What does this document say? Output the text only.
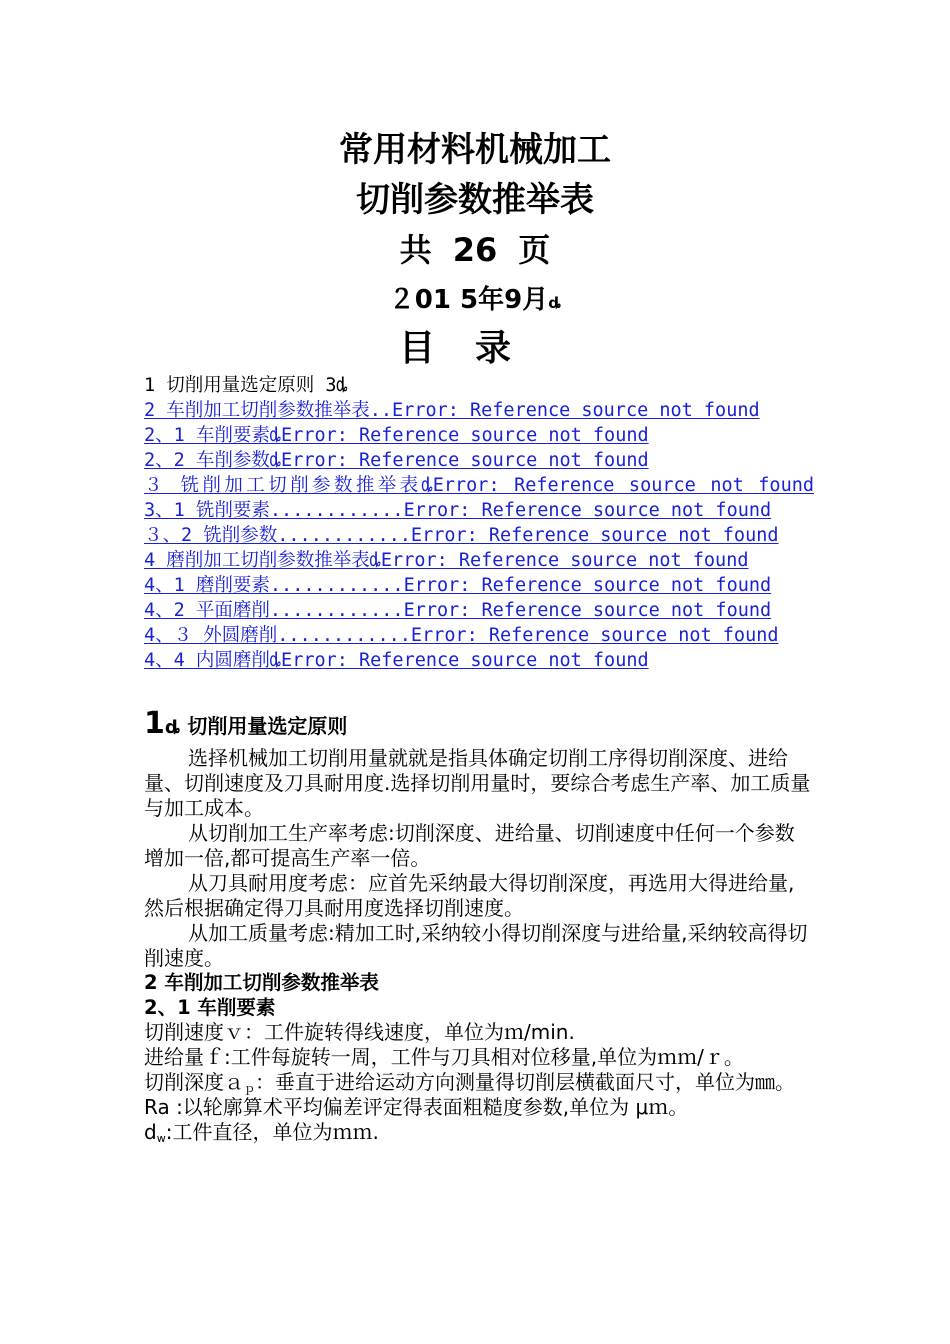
常用材料机械加工
切削参数推举表
共 26 页
２01 5年9月ȡ
目录
1 切削用量选定原则 3ȡ
2 车削加工切削参数推举表..Error: Reference source not found
2、1 车削要素ȡError: Reference source not found
2、2 车削参数ȡError: Reference source not found
３ 铣削加工切削参数推举表ȡError: Reference source not found
3、1 铣削要素............Error: Reference source not found
３、2 铣削参数............Error: Reference source not found
4 磨削加工切削参数推举表ȡError: Reference source not found
4、1 磨削要素............Error: Reference source not found
4、2 平面磨削............Error: Reference source not found
4、３ 外圆磨削............Error: Reference source not found
4、4 内圆磨削ȡError: Reference source not found
1ȡ 切削用量选定原则
选择机械加工切削用量就就是指具体确定切削工序得切削深度、进给量、切削速度及刀具耐用度.选择切削用量时，要综合考虑生产率、加工质量与加工成本。
从切削加工生产率考虑:切削深度、进给量、切削速度中任何一个参数增加一倍,都可提高生产率一倍。
从刀具耐用度考虑：应首先采纳最大得切削深度，再选用大得进给量,然后根据确定得刀具耐用度选择切削速度。
从加工质量考虑:精加工时,采纳较小得切削深度与进给量,采纳较高得切削速度。
2 车削加工切削参数推举表
2、1 车削要素
切削速度ｖ：工件旋转得线速度，单位为ｍ/min.
进给量ｆ:工件每旋转一周，工件与刀具相对位移量,单位为ｍｍ/ｒ。
切削深度ａ$_p$：垂直于进给运动方向测量得切削层横截面尺寸，单位为㎜。
Ra :以轮廓算术平均偏差评定得表面粗糙度参数,单位为 μｍ。
$d_w$:工件直径，单位为ｍｍ.
